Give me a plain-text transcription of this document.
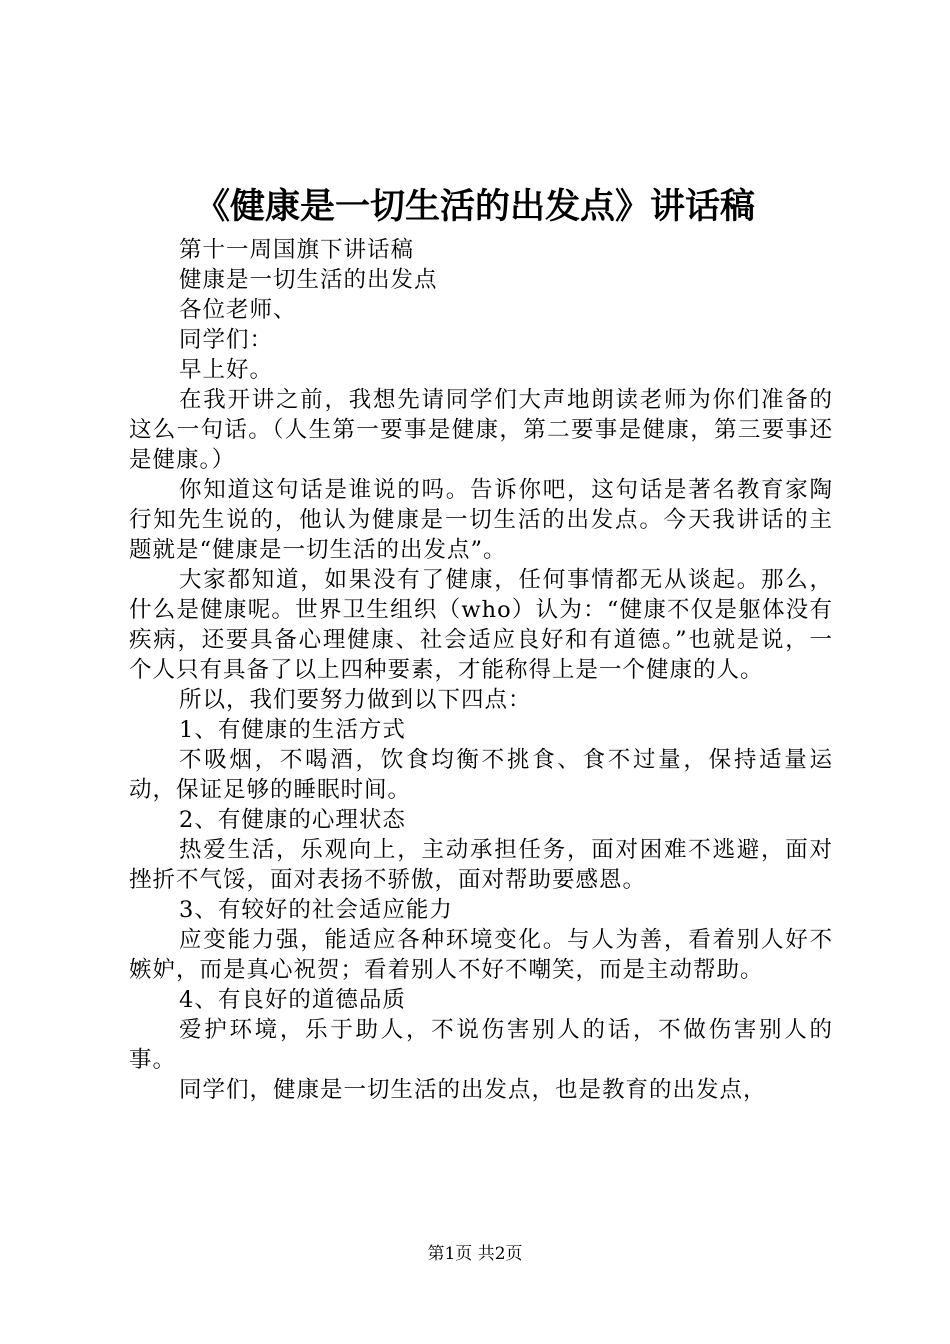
《健康是一切生活的出发点》讲话稿

第十一周国旗下讲话稿

健康是一切生活的出发点

各位老师、

同学们：

早上好。

在我开讲之前，我想先请同学们大声地朗读老师为你们准备的这么一句话。（人生第一要事是健康，第二要事是健康，第三要事还是健康。）

你知道这句话是谁说的吗。告诉你吧，这句话是著名教育家陶行知先生说的，他认为健康是一切生活的出发点。今天我讲话的主题就是“健康是一切生活的出发点”。

大家都知道，如果没有了健康，任何事情都无从谈起。那么，什么是健康呢。世界卫生组织（who）认为：“健康不仅是躯体没有疾病，还要具备心理健康、社会适应良好和有道德。”也就是说，一个人只有具备了以上四种要素，才能称得上是一个健康的人。

所以，我们要努力做到以下四点：

1、有健康的生活方式

不吸烟，不喝酒，饮食均衡不挑食、食不过量，保持适量运动，保证足够的睡眠时间。

2、有健康的心理状态

热爱生活，乐观向上，主动承担任务，面对困难不逃避，面对挫折不气馁，面对表扬不骄傲，面对帮助要感恩。

3、有较好的社会适应能力

应变能力强，能适应各种环境变化。与人为善，看着别人好不嫉妒，而是真心祝贺；看着别人不好不嘲笑，而是主动帮助。

4、有良好的道德品质

爱护环境，乐于助人，不说伤害别人的话，不做伤害别人的事。

同学们，健康是一切生活的出发点，也是教育的出发点，

第1页 共2页
